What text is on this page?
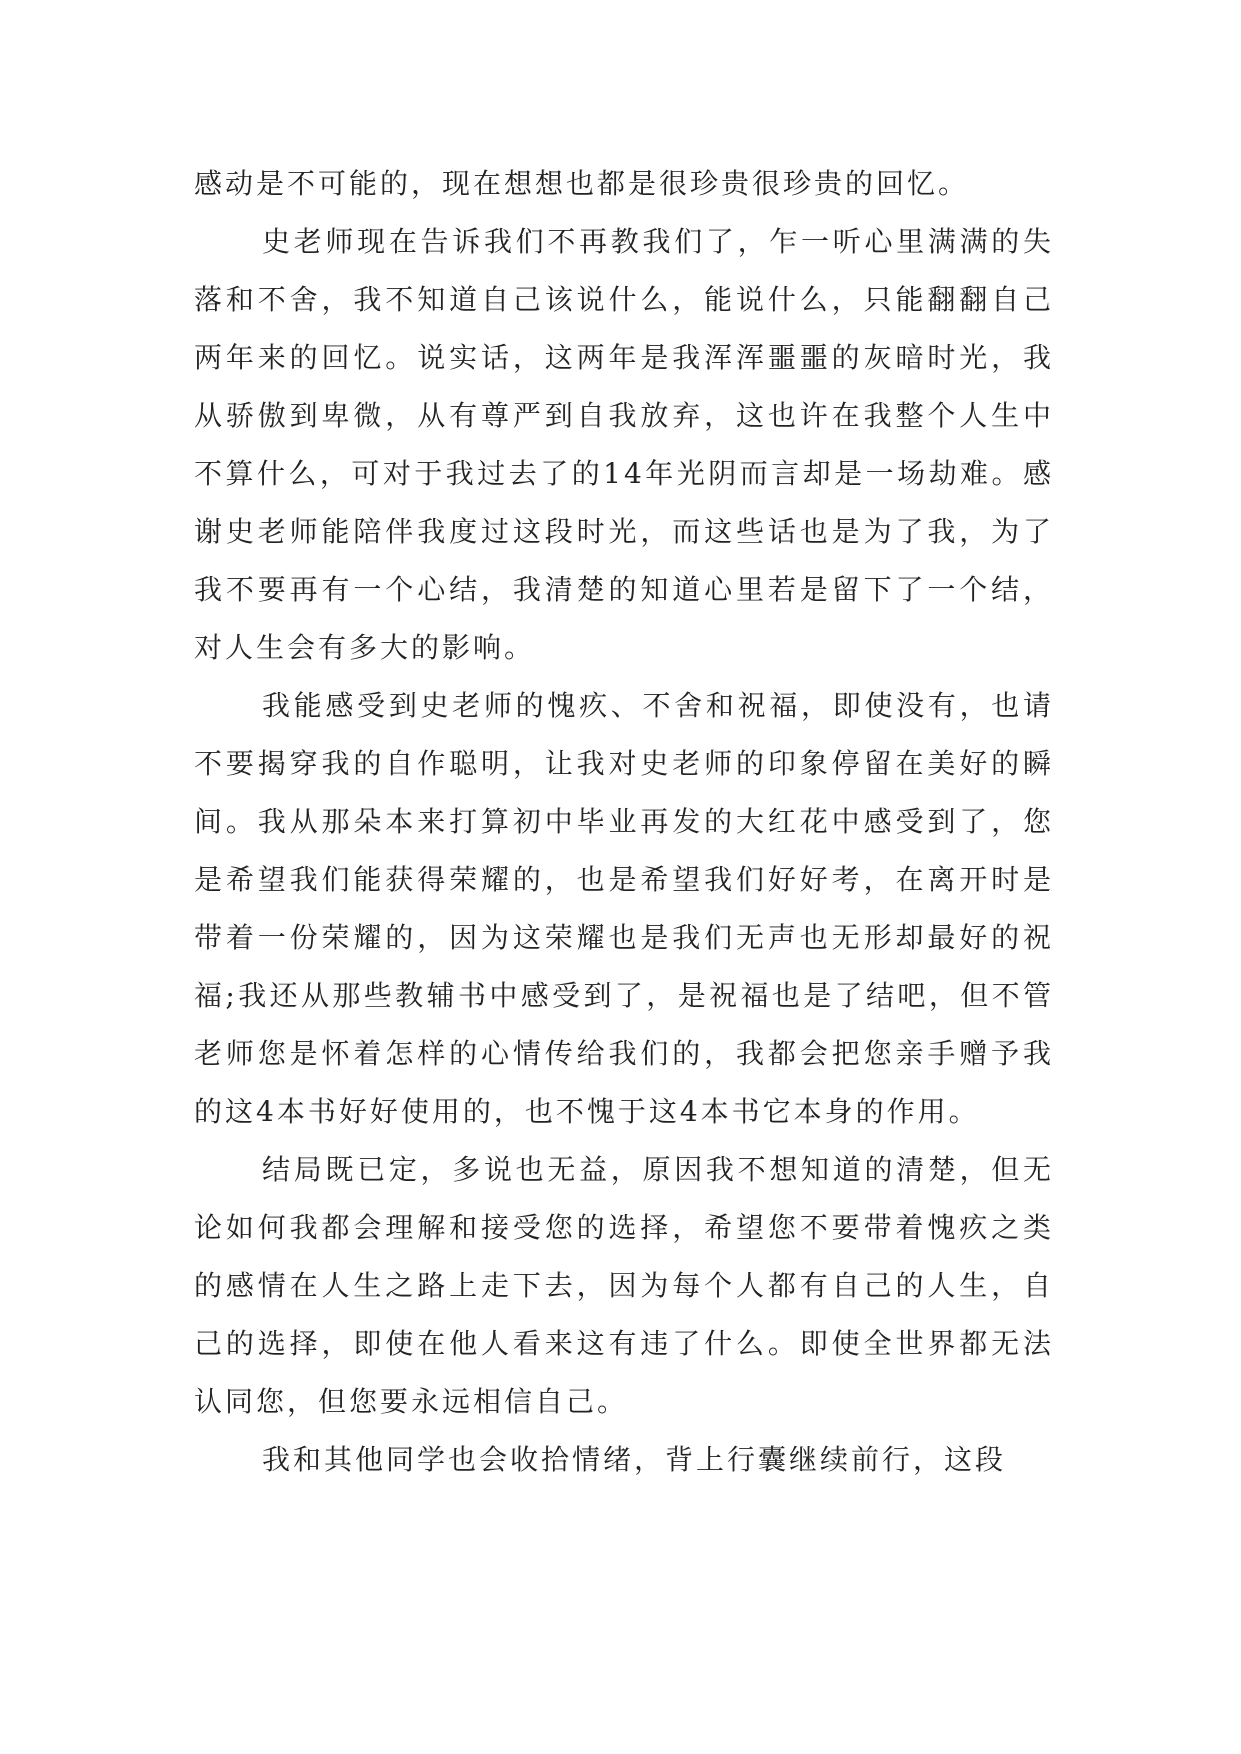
感动是不可能的，现在想想也都是很珍贵很珍贵的回忆。

史老师现在告诉我们不再教我们了，乍一听心里满满的失落和不舍，我不知道自己该说什么，能说什么，只能翻翻自己两年来的回忆。说实话，这两年是我浑浑噩噩的灰暗时光，我从骄傲到卑微，从有尊严到自我放弃，这也许在我整个人生中不算什么，可对于我过去了的14年光阴而言却是一场劫难。感谢史老师能陪伴我度过这段时光，而这些话也是为了我，为了我不要再有一个心结，我清楚的知道心里若是留下了一个结，对人生会有多大的影响。

我能感受到史老师的愧疚、不舍和祝福，即使没有，也请不要揭穿我的自作聪明，让我对史老师的印象停留在美好的瞬间。我从那朵本来打算初中毕业再发的大红花中感受到了，您是希望我们能获得荣耀的，也是希望我们好好考，在离开时是带着一份荣耀的，因为这荣耀也是我们无声也无形却最好的祝福;我还从那些教辅书中感受到了，是祝福也是了结吧，但不管老师您是怀着怎样的心情传给我们的，我都会把您亲手赠予我的这4本书好好使用的，也不愧于这4本书它本身的作用。

结局既已定，多说也无益，原因我不想知道的清楚，但无论如何我都会理解和接受您的选择，希望您不要带着愧疚之类的感情在人生之路上走下去，因为每个人都有自己的人生，自己的选择，即使在他人看来这有违了什么。即使全世界都无法认同您，但您要永远相信自己。

我和其他同学也会收拾情绪，背上行囊继续前行，这段
